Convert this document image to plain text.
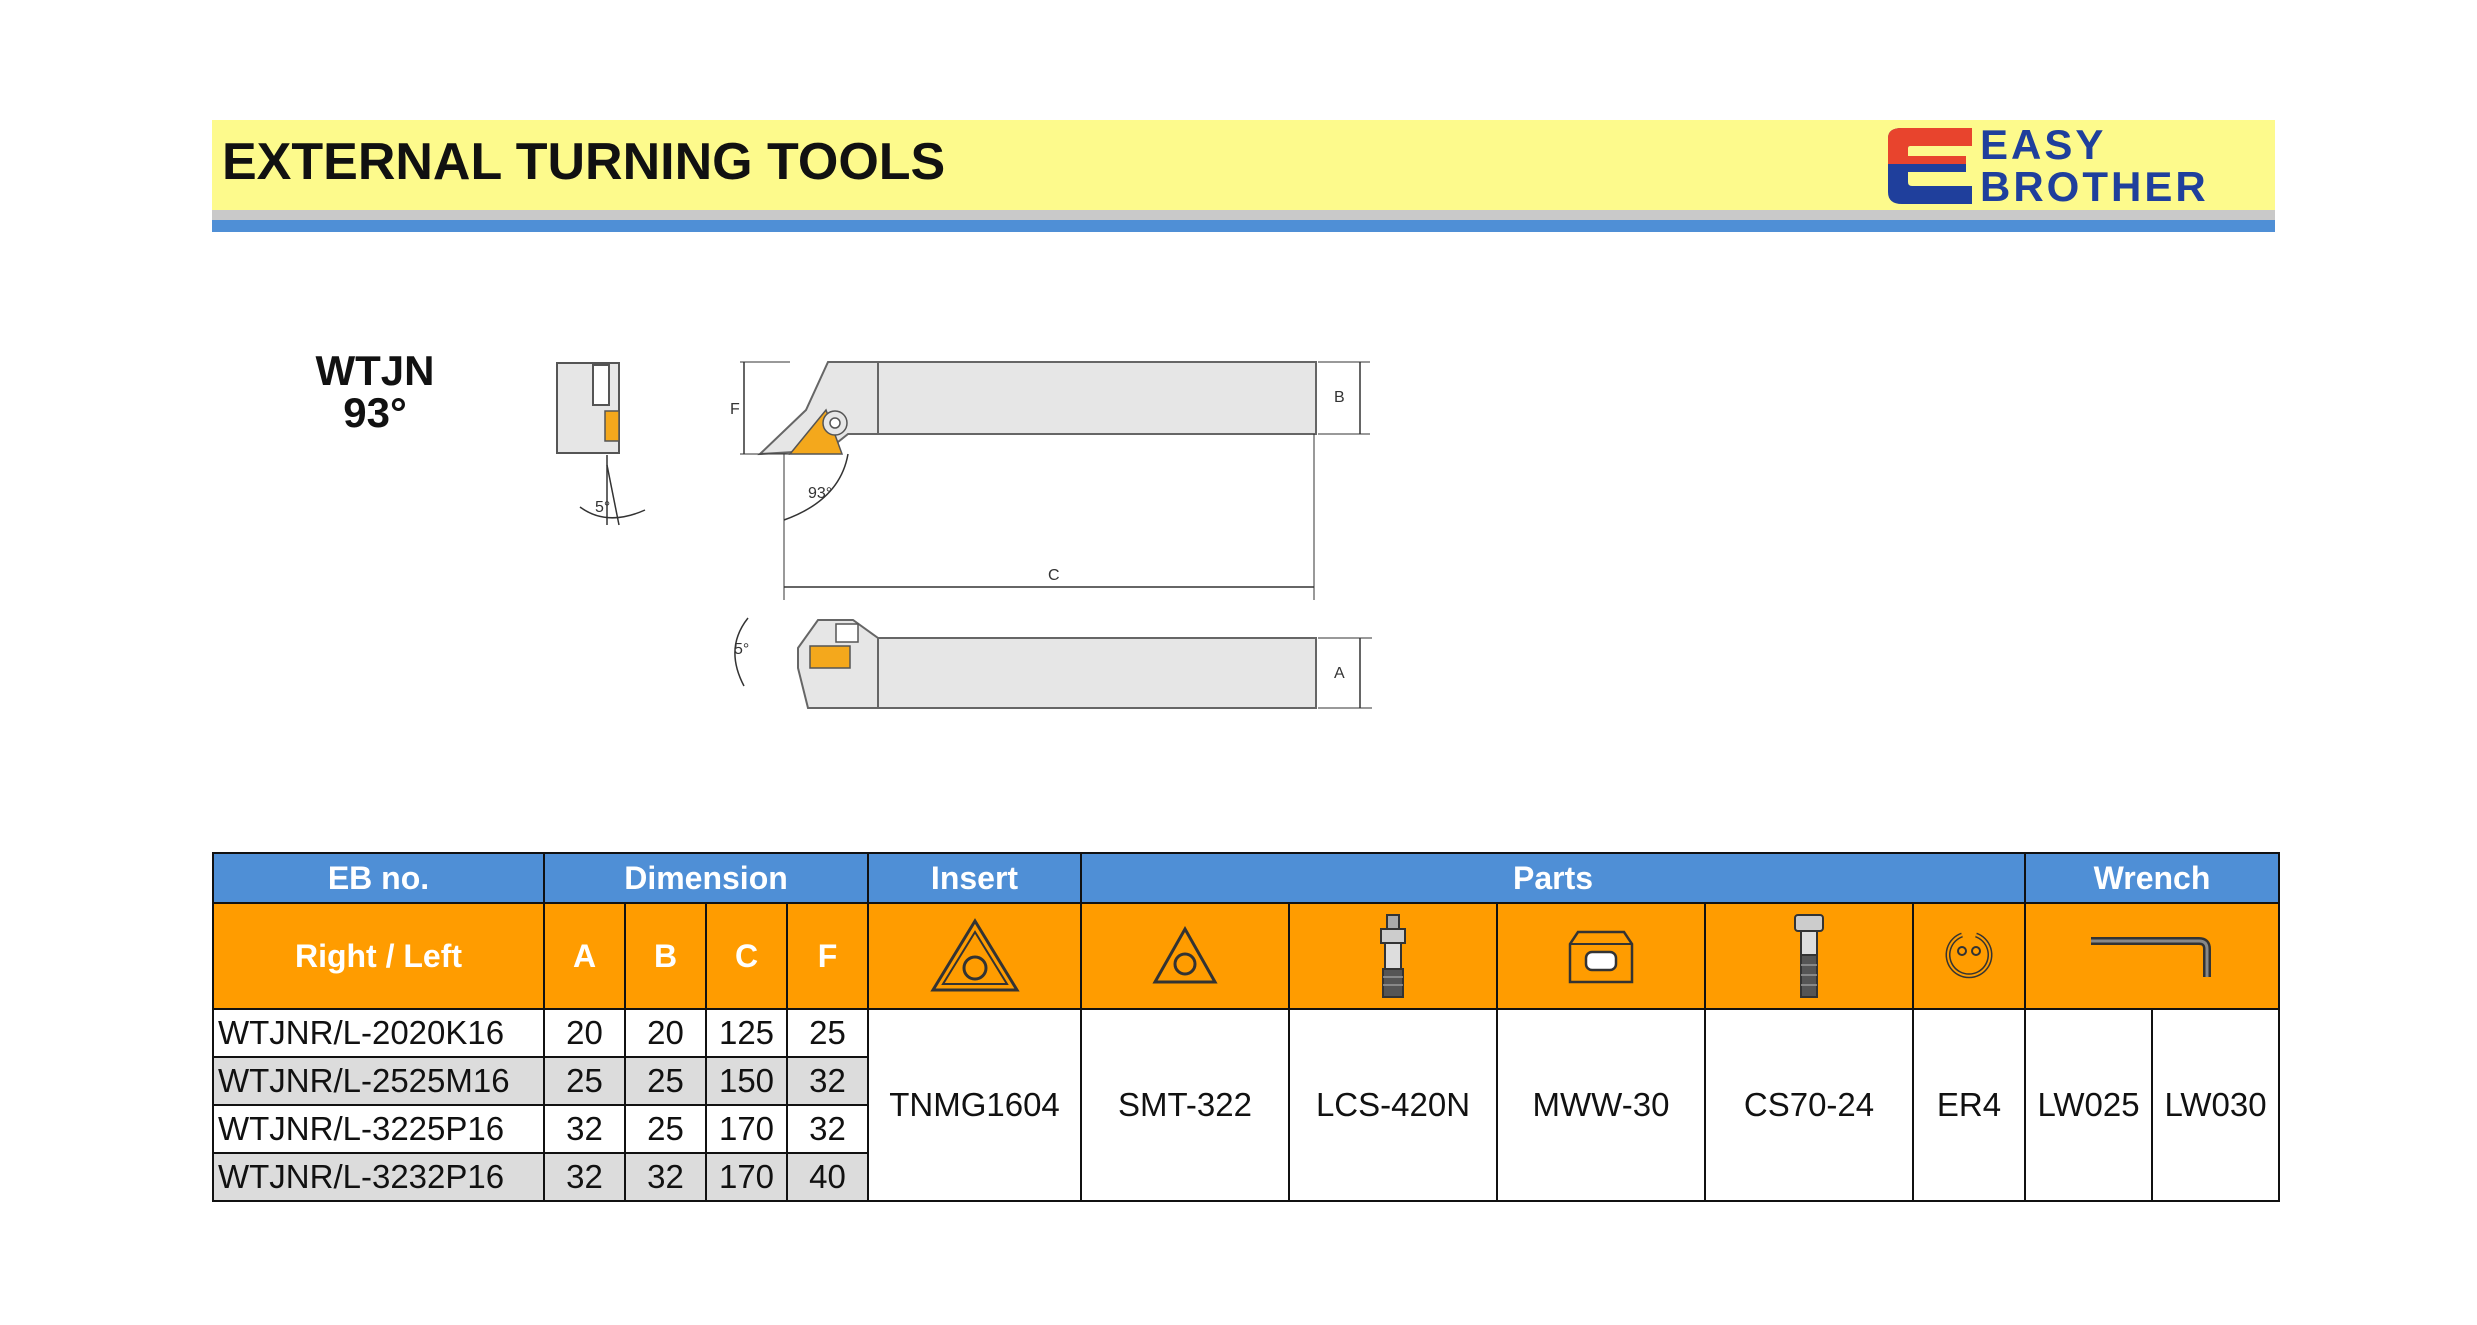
EXTERNAL TURNING TOOLS	EASY
BROTHER
WTJN
93°
5°
B
F
93°
C
5°
A
EB no.	Dimension				Insert	Parts					Wrench	
Right / Left	A	B	C	F	

WTJNR/L-2020K16	20	20	125	25	TNMG1604	SMT-322	LCS-420N	MWW-30	CS70-24	ER4	LW025	LW030
WTJNR/L-2525M16	25	25	150	32								
WTJNR/L-3225P16	32	25	170	32								
WTJNR/L-3232P16	32	32	170	40								
